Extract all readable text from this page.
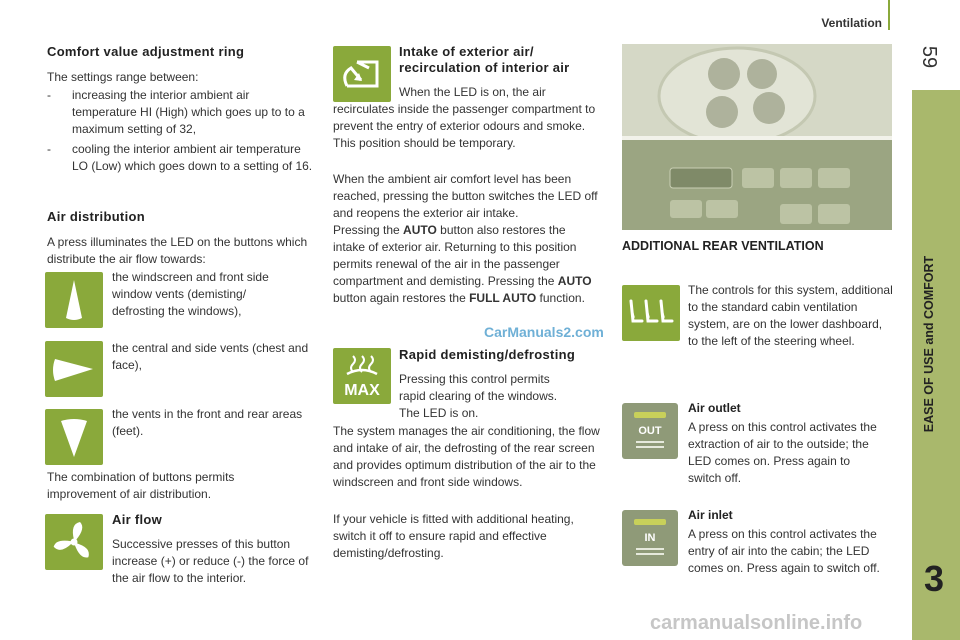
Ventilation
59
EASE OF USE and COMFORT
3
Comfort value adjustment ring
The settings range between:
- increasing the interior ambient air temperature HI (High) which goes up to to a maximum setting of 32,
- cooling the interior ambient air temperature LO (Low) which goes down to a setting of 16.
Air distribution
A press illuminates the LED on the buttons which distribute the air flow towards:
the windscreen and front side window vents (demisting/ defrosting the windows),
the central and side vents (chest and face),
the vents in the front and rear areas (feet).
The combination of buttons permits improvement of air distribution.
Air flow
Successive presses of this button increase (+) or reduce (-) the force of the air flow to the interior.
Intake of exterior air/ recirculation of interior air
When the LED is on, the air recirculates inside the passenger compartment to prevent the entry of exterior odours and smoke. This position should be temporary.
When the ambient air comfort level has been reached, pressing the button switches the LED off and reopens the exterior air intake.
Pressing the AUTO button also restores the intake of exterior air. Returning to this position permits renewal of the air in the passenger compartment and demisting. Pressing the AUTO button again restores the FULL AUTO function.
CarManuals2.com
MAX
Rapid demisting/defrosting
Pressing this control permits rapid clearing of the windows. The LED is on.
The system manages the air conditioning, the flow and intake of air, the defrosting of the rear screen and provides optimum distribution of the air to the windscreen and front side windows.
If your vehicle is fitted with additional heating, switch it off to ensure rapid and effective demisting/defrosting.
ADDITIONAL REAR VENTILATION
The controls for this system, additional to the standard cabin ventilation system, are on the lower dashboard, to the left of the steering wheel.
OUT
Air outlet
A press on this control activates the extraction of air to the outside; the LED comes on. Press again to switch off.
IN
Air inlet
A press on this control activates the entry of air into the cabin; the LED comes on. Press again to switch off.
carmanualsonline.info
